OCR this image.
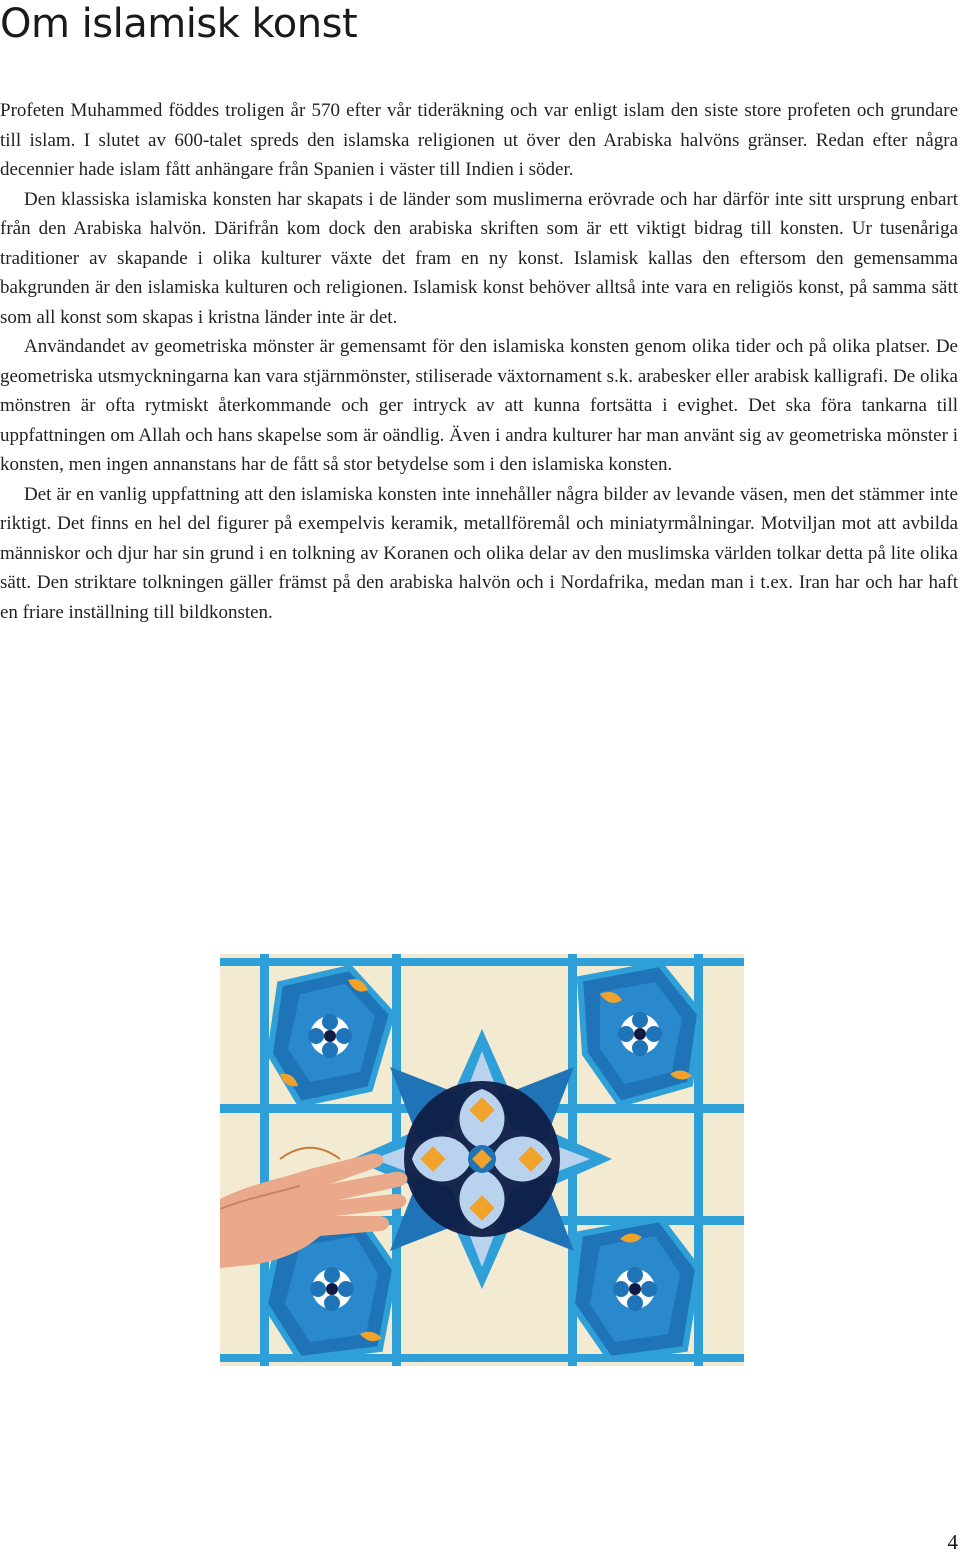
Om islamisk konst

Profeten Muhammed föddes troligen år 570 efter vår tideräkning och var enligt islam den siste store profeten och grundare till islam. I slutet av 600-talet spreds den islamska religionen ut över den Arabiska halvöns gränser. Redan efter några decennier hade islam fått anhängare från Spanien i väster till Indien i söder.

Den klassiska islamiska konsten har skapats i de länder som muslimerna erövrade och har därför inte sitt ursprung enbart från den Arabiska halvön. Därifrån kom dock den arabiska skriften som är ett viktigt bidrag till konsten. Ur tusenåriga traditioner av skapande i olika kulturer växte det fram en ny konst. Islamisk kallas den eftersom den gemensamma bakgrunden är den islamiska kulturen och religionen. Islamisk konst behöver alltså inte vara en religiös konst, på samma sätt som all konst som skapas i kristna länder inte är det.

Användandet av geometriska mönster är gemensamt för den islamiska konsten genom olika tider och på olika platser. De geometriska utsmyckningarna kan vara stjärnmönster, stiliserade växtornament s.k. arabesker eller arabisk kalligrafi. De olika mönstren är ofta rytmiskt återkommande och ger intryck av att kunna fortsätta i evighet. Det ska föra tankarna till uppfattningen om Allah och hans skapelse som är oändlig. Även i andra kulturer har man använt sig av geometriska mönster i konsten, men ingen annanstans har de fått så stor betydelse som i den islamiska konsten.

Det är en vanlig uppfattning att den islamiska konsten inte innehåller några bilder av levande väsen, men det stämmer inte riktigt. Det finns en hel del figurer på exempelvis keramik, metallföremål och miniatyrmålningar. Motviljan mot att avbilda människor och djur har sin grund i en tolkning av Koranen och olika delar av den muslimska världen tolkar detta på lite olika sätt. Den striktare tolkningen gäller främst på den arabiska halvön och i Nordafrika, medan man i t.ex. Iran har och har haft en friare inställning till bildkonsten.

4
